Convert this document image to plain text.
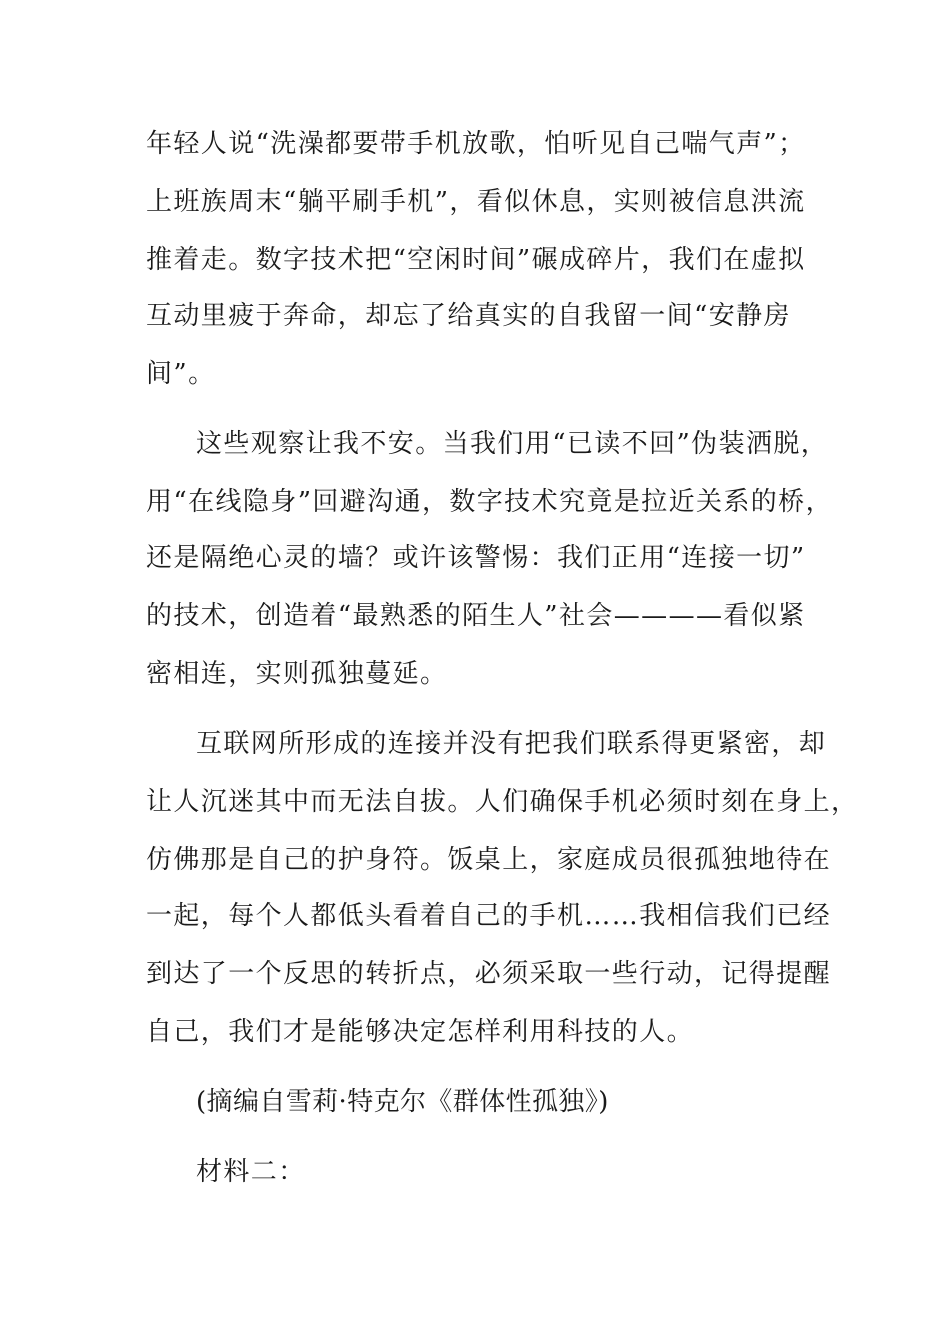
年轻人说“洗澡都要带手机放歌，怕听见自己喘气声”；
上班族周末“躺平刷手机”，看似休息，实则被信息洪流
推着走。数字技术把“空闲时间”碾成碎片，我们在虚拟
互动里疲于奔命，却忘了给真实的自我留一间“安静房
间”。
这些观察让我不安。当我们用“已读不回”伪装洒脱，
用“在线隐身”回避沟通，数字技术究竟是拉近关系的桥，
还是隔绝心灵的墙？或许该警惕：我们正用“连接一切”
的技术，创造着“最熟悉的陌生人”社会————看似紧
密相连，实则孤独蔓延。
互联网所形成的连接并没有把我们联系得更紧密，却
让人沉迷其中而无法自拔。人们确保手机必须时刻在身上，
仿佛那是自己的护身符。饭桌上，家庭成员很孤独地待在
一起，每个人都低头看着自己的手机……我相信我们已经
到达了一个反思的转折点，必须采取一些行动，记得提醒
自己，我们才是能够决定怎样利用科技的人。
(摘编自雪莉·特克尔《群体性孤独》)
材料二：
